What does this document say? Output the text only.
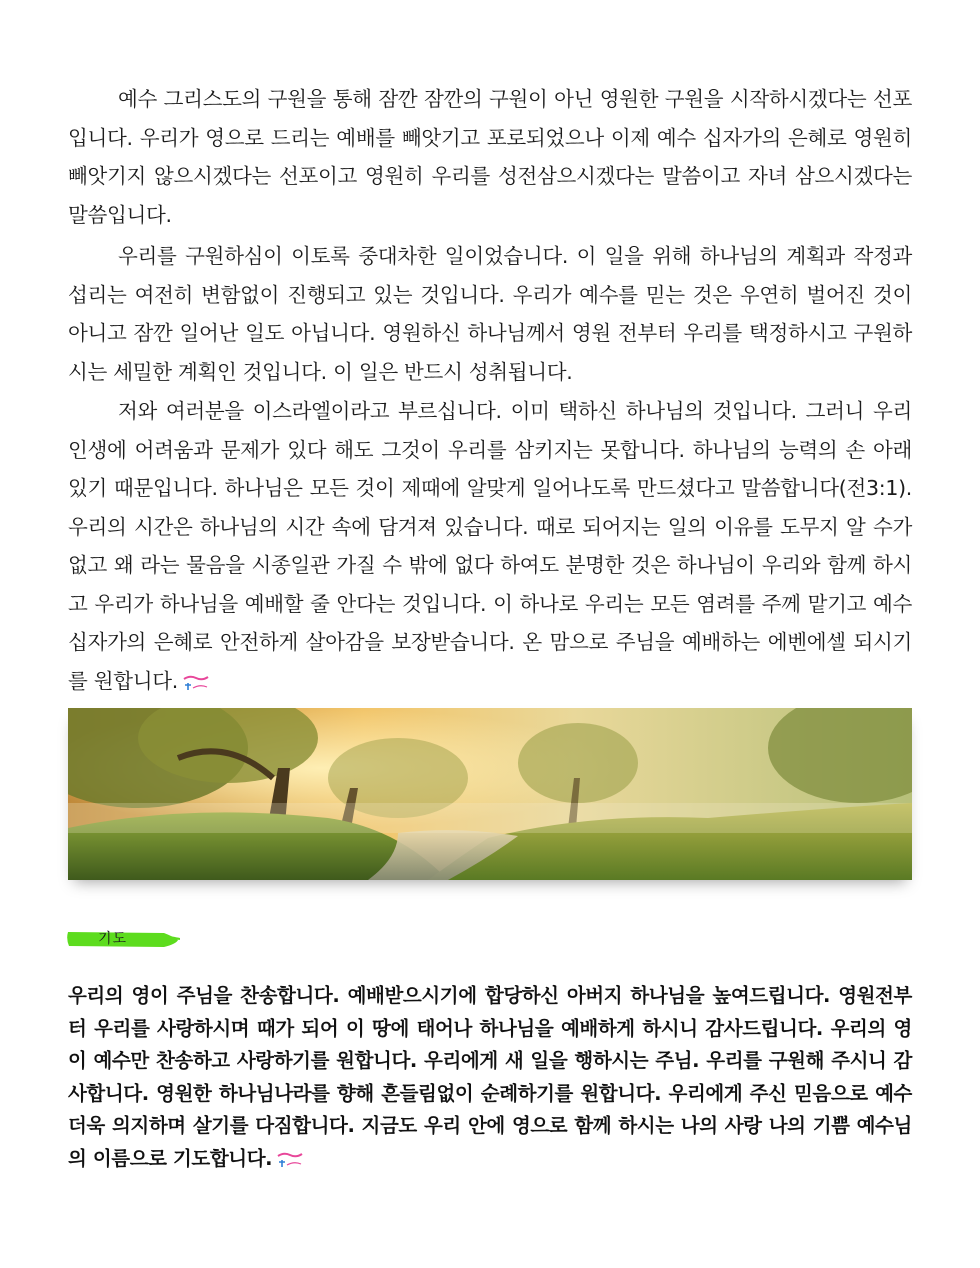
예수 그리스도의 구원을 통해 잠깐 잠깐의 구원이 아닌 영원한 구원을 시작하시겠다는 선포입니다. 우리가 영으로 드리는 예배를 빼앗기고 포로되었으나 이제 예수 십자가의 은혜로 영원히 빼앗기지 않으시겠다는 선포이고 영원히 우리를 성전삼으시겠다는 말씀이고 자녀 삼으시겠다는 말씀입니다.

우리를 구원하심이 이토록 중대차한 일이었습니다. 이 일을 위해 하나님의 계획과 작정과 섭리는 여전히 변함없이 진행되고 있는 것입니다. 우리가 예수를 믿는 것은 우연히 벌어진 것이 아니고 잠깐 일어난 일도 아닙니다. 영원하신 하나님께서 영원 전부터 우리를 택정하시고 구원하시는 세밀한 계획인 것입니다. 이 일은 반드시 성취됩니다.

저와 여러분을 이스라엘이라고 부르십니다. 이미 택하신 하나님의 것입니다. 그러니 우리 인생에 어려움과 문제가 있다 해도 그것이 우리를 삼키지는 못합니다. 하나님의 능력의 손 아래 있기 때문입니다. 하나님은 모든 것이 제때에 알맞게 일어나도록 만드셨다고 말씀합니다(전3:1). 우리의 시간은 하나님의 시간 속에 담겨져 있습니다. 때로 되어지는 일의 이유를 도무지 알 수가 없고 왜 라는 물음을 시종일관 가질 수 밖에 없다 하여도 분명한 것은 하나님이 우리와 함께 하시고 우리가 하나님을 예배할 줄 안다는 것입니다. 이 하나로 우리는 모든 염려를 주께 맡기고 예수 십자가의 은혜로 안전하게 살아감을 보장받습니다. 온 맘으로 주님을 예배하는 에벤에셀 되시기를 원합니다.

기도

우리의 영이 주님을 찬송합니다. 예배받으시기에 합당하신 아버지 하나님을 높여드립니다. 영원전부터 우리를 사랑하시며 때가 되어 이 땅에 태어나 하나님을 예배하게 하시니 감사드립니다. 우리의 영이 예수만 찬송하고 사랑하기를 원합니다. 우리에게 새 일을 행하시는 주님. 우리를 구원해 주시니 감사합니다. 영원한 하나님나라를 향해 흔들림없이 순례하기를 원합니다. 우리에게 주신 믿음으로 예수 더욱 의지하며 살기를 다짐합니다. 지금도 우리 안에 영으로 함께 하시는 나의 사랑 나의 기쁨 예수님의 이름으로 기도합니다.
